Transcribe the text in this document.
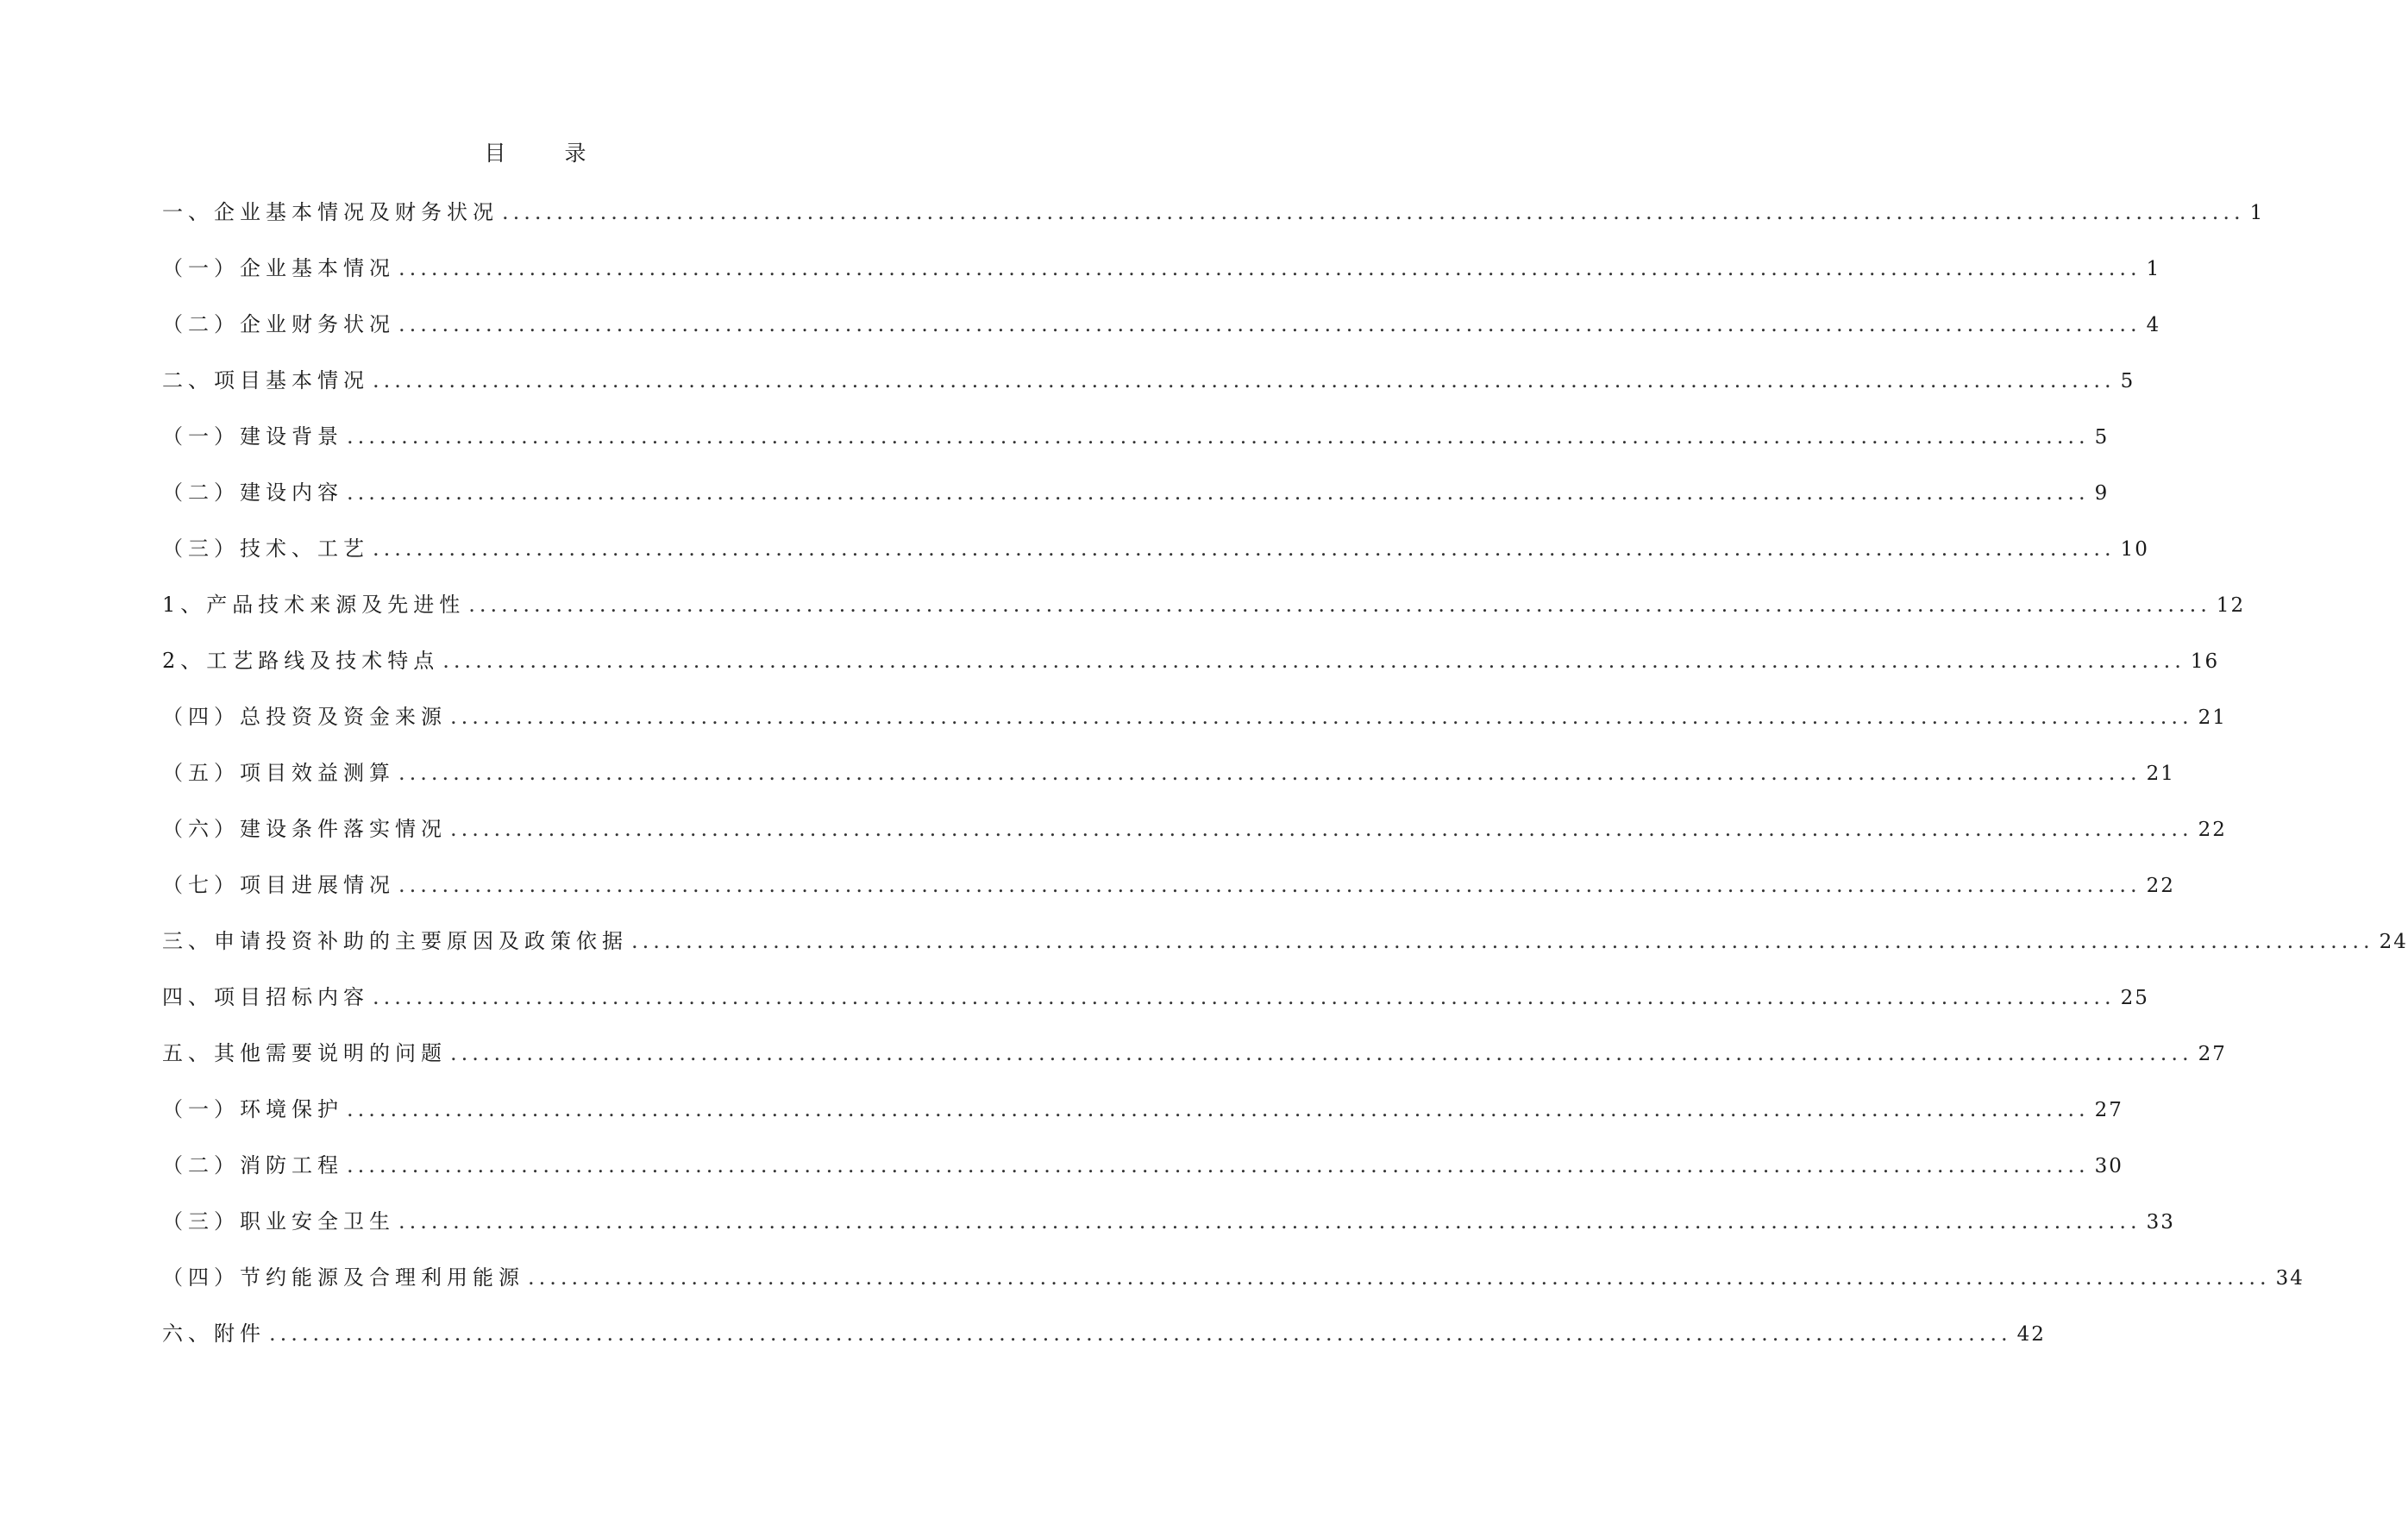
目 录
一、企业基本情况及财务状况 ................................................................................................................................................................ 1
（一）企业基本情况 ................................................................................................................................................................ 1
（二）企业财务状况 ................................................................................................................................................................ 4
二、项目基本情况 ................................................................................................................................................................ 5
（一）建设背景 ................................................................................................................................................................ 5
（二）建设内容 ................................................................................................................................................................ 9
（三）技术、工艺 ................................................................................................................................................................ 10
1、产品技术来源及先进性 ................................................................................................................................................................ 12
2、工艺路线及技术特点 ................................................................................................................................................................ 16
（四）总投资及资金来源 ................................................................................................................................................................ 21
（五）项目效益测算 ................................................................................................................................................................ 21
（六）建设条件落实情况 ................................................................................................................................................................ 22
（七）项目进展情况 ................................................................................................................................................................ 22
三、申请投资补助的主要原因及政策依据 ................................................................................................................................................................ 24
四、项目招标内容 ................................................................................................................................................................ 25
五、其他需要说明的问题 ................................................................................................................................................................ 27
（一）环境保护 ................................................................................................................................................................ 27
（二）消防工程 ................................................................................................................................................................ 30
（三）职业安全卫生 ................................................................................................................................................................ 33
（四）节约能源及合理利用能源 ................................................................................................................................................................ 34
六、附件 ................................................................................................................................................................ 42
